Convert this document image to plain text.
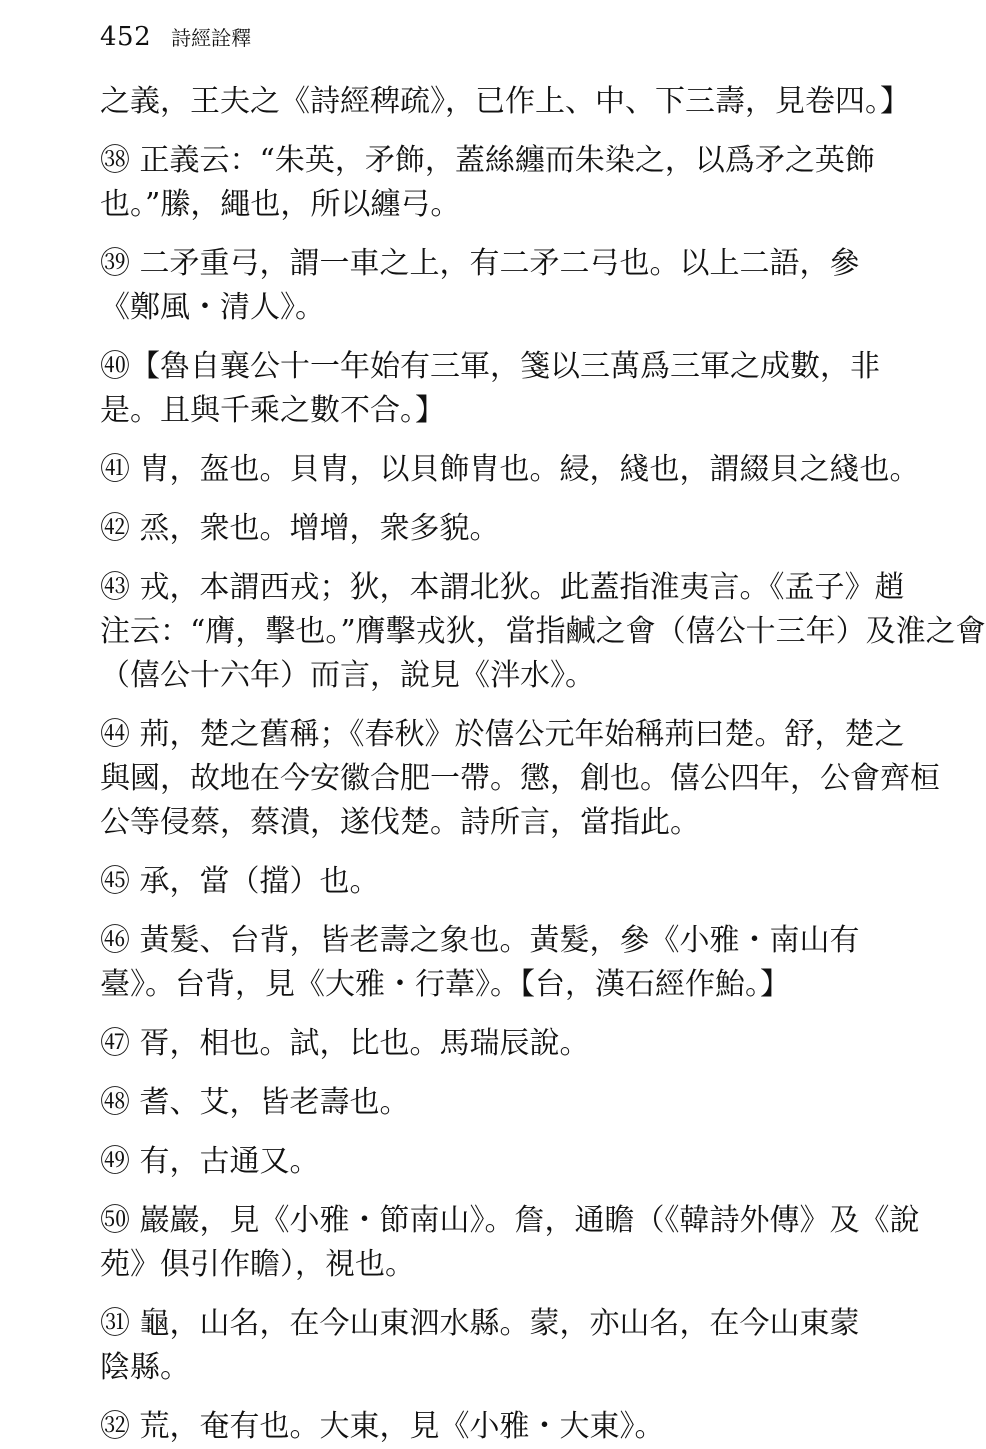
452 詩經詮釋
之義，王夫之《詩經稗疏》，已作上、中、下三壽，見卷四。】
㊳ 正義云：“朱英，矛飾，蓋絲纏而朱染之，以爲矛之英飾
也。”縢，繩也，所以纏弓。
㊴ 二矛重弓，謂一車之上，有二矛二弓也。以上二語，參
《鄭風・清人》。
㊵【魯自襄公十一年始有三軍，箋以三萬爲三軍之成數，非
是。且與千乘之數不合。】
㊶ 胄，盔也。貝胄，以貝飾胄也。綅，綫也，謂綴貝之綫也。
㊷ 烝，衆也。增增，衆多貌。
㊸ 戎，本謂西戎；狄，本謂北狄。此蓋指淮夷言。《孟子》趙
注云：“膺，擊也。”膺擊戎狄，當指鹹之會（僖公十三年）及淮之會
（僖公十六年）而言，說見《泮水》。
㊹ 荊，楚之舊稱；《春秋》於僖公元年始稱荊曰楚。舒，楚之
與國，故地在今安徽合肥一帶。懲，創也。僖公四年，公會齊桓
公等侵蔡，蔡潰，遂伐楚。詩所言，當指此。
㊺ 承，當（擋）也。
㊻ 黃髮、台背，皆老壽之象也。黃髮，參《小雅・南山有
臺》。台背，見《大雅・行葦》。【台，漢石經作鮐。】
㊼ 胥，相也。試，比也。馬瑞辰說。
㊽ 耆、艾，皆老壽也。
㊾ 有，古通又。
㊿ 巖巖，見《小雅・節南山》。詹，通瞻（《韓詩外傳》及《說
苑》俱引作瞻），視也。
㉛ 龜，山名，在今山東泗水縣。蒙，亦山名，在今山東蒙
陰縣。
㉜ 荒，奄有也。大東，見《小雅・大東》。
